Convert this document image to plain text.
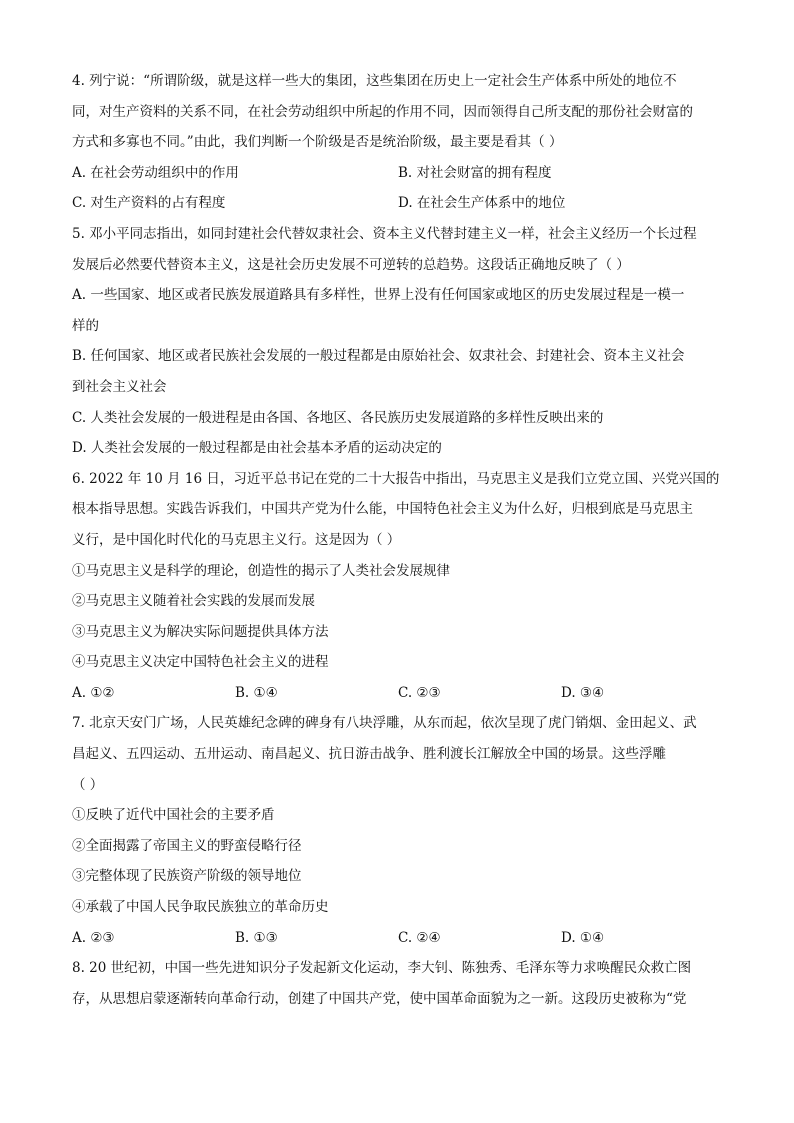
4. 列宁说：“所谓阶级，就是这样一些大的集团，这些集团在历史上一定社会生产体系中所处的地位不
同，对生产资料的关系不同，在社会劳动组织中所起的作用不同，因而领得自己所支配的那份社会财富的
方式和多寡也不同。”由此，我们判断一个阶级是否是统治阶级，最主要是看其（ ）
A. 在社会劳动组织中的作用	B. 对社会财富的拥有程度
C. 对生产资料的占有程度	D. 在社会生产体系中的地位
5. 邓小平同志指出，如同封建社会代替奴隶社会、资本主义代替封建主义一样，社会主义经历一个长过程
发展后必然要代替资本主义，这是社会历史发展不可逆转的总趋势。这段话正确地反映了（ ）
A. 一些国家、地区或者民族发展道路具有多样性，世界上没有任何国家或地区的历史发展过程是一模一
样的
B. 任何国家、地区或者民族社会发展的一般过程都是由原始社会、奴隶社会、封建社会、资本主义社会
到社会主义社会
C. 人类社会发展的一般进程是由各国、各地区、各民族历史发展道路的多样性反映出来的
D. 人类社会发展的一般过程都是由社会基本矛盾的运动决定的
6. 2022 年 10 月 16 日，习近平总书记在党的二十大报告中指出，马克思主义是我们立党立国、兴党兴国的
根本指导思想。实践告诉我们，中国共产党为什么能，中国特色社会主义为什么好，归根到底是马克思主
义行，是中国化时代化的马克思主义行。这是因为（ ）
①马克思主义是科学的理论，创造性的揭示了人类社会发展规律
②马克思主义随着社会实践的发展而发展
③马克思主义为解决实际问题提供具体方法
④马克思主义决定中国特色社会主义的进程
A. ①②	B. ①④	C. ②③	D. ③④
7. 北京天安门广场，人民英雄纪念碑的碑身有八块浮雕，从东而起，依次呈现了虎门销烟、金田起义、武
昌起义、五四运动、五卅运动、南昌起义、抗日游击战争、胜利渡长江解放全中国的场景。这些浮雕
（ ）
①反映了近代中国社会的主要矛盾
②全面揭露了帝国主义的野蛮侵略行径
③完整体现了民族资产阶级的领导地位
④承载了中国人民争取民族独立的革命历史
A. ②③	B. ①③	C. ②④	D. ①④
8. 20 世纪初，中国一些先进知识分子发起新文化运动，李大钊、陈独秀、毛泽东等力求唤醒民众救亡图
存，从思想启蒙逐渐转向革命行动，创建了中国共产党，使中国革命面貌为之一新。这段历史被称为“党
